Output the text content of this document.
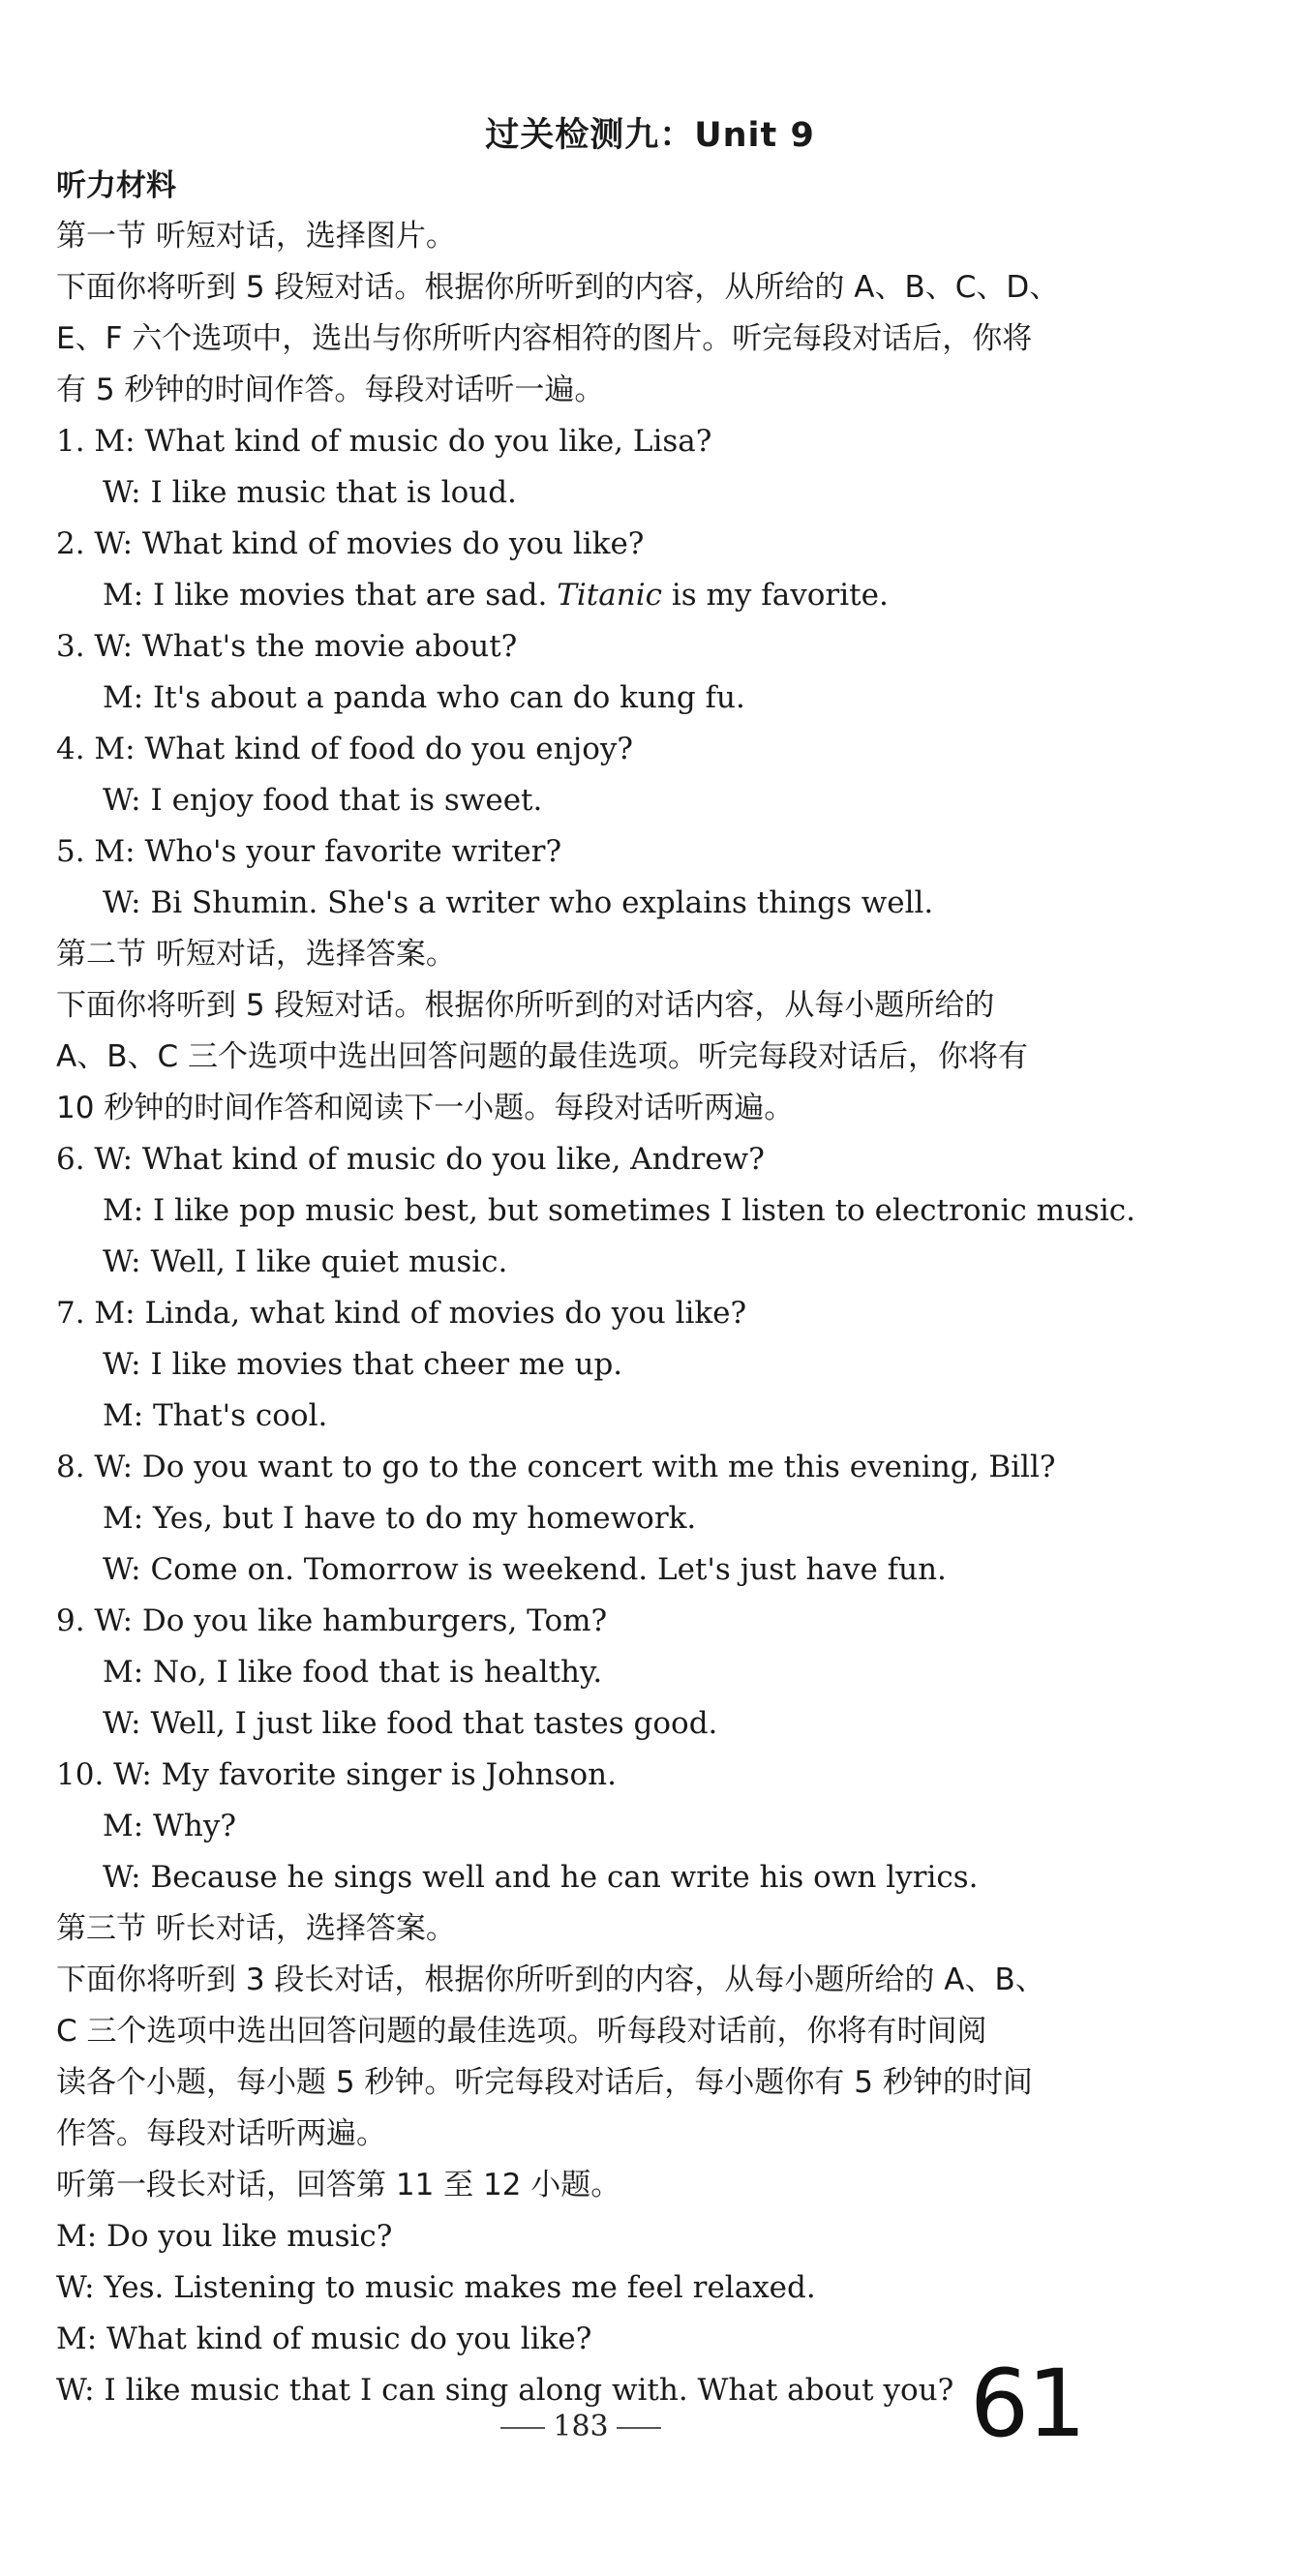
过关检测九：Unit 9
听力材料
第一节 听短对话，选择图片。
下面你将听到 5 段短对话。根据你所听到的内容，从所给的 A、B、C、D、
E、F 六个选项中，选出与你所听内容相符的图片。听完每段对话后，你将
有 5 秒钟的时间作答。每段对话听一遍。
1. M: What kind of music do you like, Lisa?
W: I like music that is loud.
2. W: What kind of movies do you like?
M: I like movies that are sad. Titanic is my favorite.
3. W: What's the movie about?
M: It's about a panda who can do kung fu.
4. M: What kind of food do you enjoy?
W: I enjoy food that is sweet.
5. M: Who's your favorite writer?
W: Bi Shumin. She's a writer who explains things well.
第二节 听短对话，选择答案。
下面你将听到 5 段短对话。根据你所听到的对话内容，从每小题所给的
A、B、C 三个选项中选出回答问题的最佳选项。听完每段对话后，你将有
10 秒钟的时间作答和阅读下一小题。每段对话听两遍。
6. W: What kind of music do you like, Andrew?
M: I like pop music best, but sometimes I listen to electronic music.
W: Well, I like quiet music.
7. M: Linda, what kind of movies do you like?
W: I like movies that cheer me up.
M: That's cool.
8. W: Do you want to go to the concert with me this evening, Bill?
M: Yes, but I have to do my homework.
W: Come on. Tomorrow is weekend. Let's just have fun.
9. W: Do you like hamburgers, Tom?
M: No, I like food that is healthy.
W: Well, I just like food that tastes good.
10. W: My favorite singer is Johnson.
M: Why?
W: Because he sings well and he can write his own lyrics.
第三节 听长对话，选择答案。
下面你将听到 3 段长对话，根据你所听到的内容，从每小题所给的 A、B、
C 三个选项中选出回答问题的最佳选项。听每段对话前，你将有时间阅
读各个小题，每小题 5 秒钟。听完每段对话后，每小题你有 5 秒钟的时间
作答。每段对话听两遍。
听第一段长对话，回答第 11 至 12 小题。
M: Do you like music?
W: Yes. Listening to music makes me feel relaxed.
M: What kind of music do you like?
W: I like music that I can sing along with. What about you?
183	61
